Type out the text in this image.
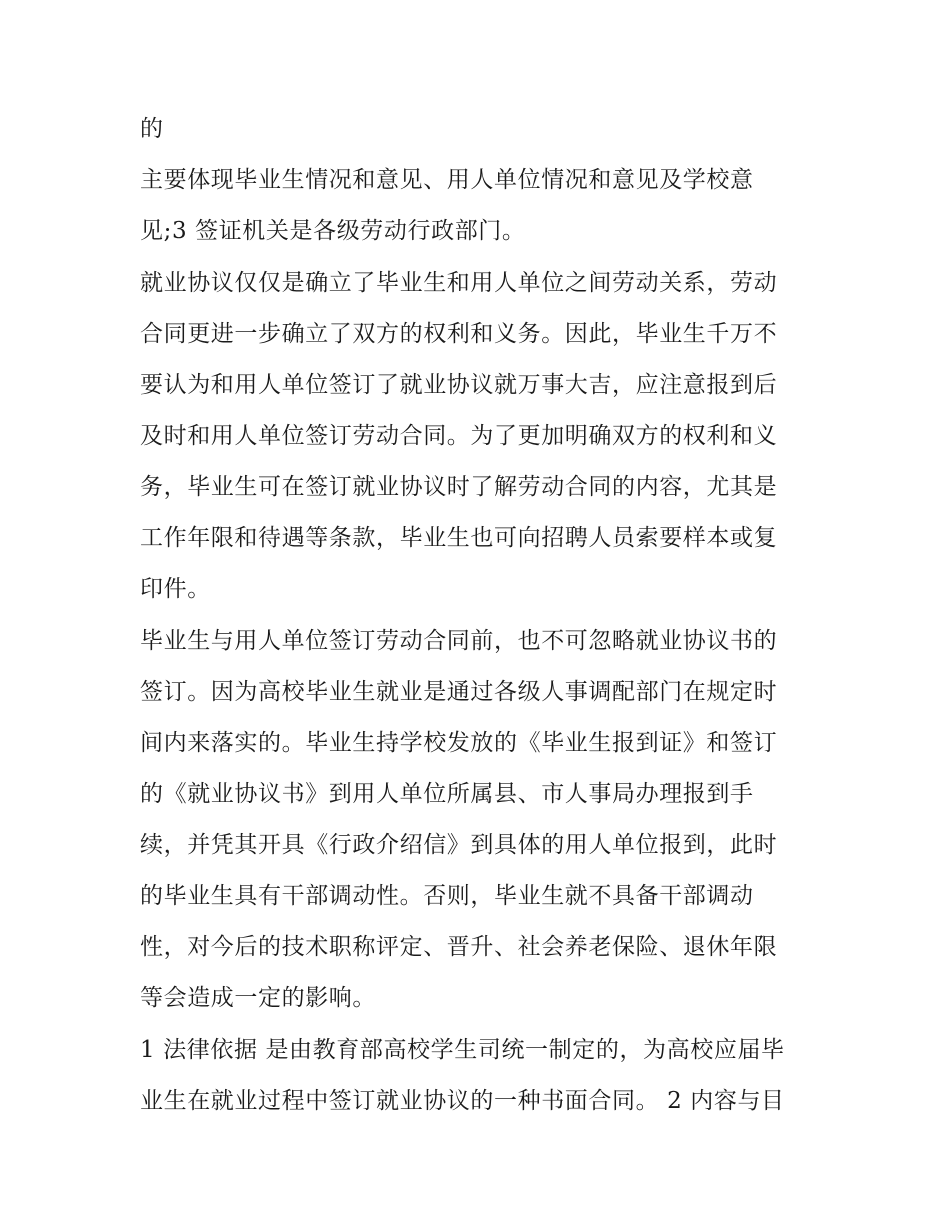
的
主要体现毕业生情况和意见、用人单位情况和意见及学校意
见;3 签证机关是各级劳动行政部门。
就业协议仅仅是确立了毕业生和用人单位之间劳动关系，劳动
合同更进一步确立了双方的权利和义务。因此，毕业生千万不
要认为和用人单位签订了就业协议就万事大吉，应注意报到后
及时和用人单位签订劳动合同。为了更加明确双方的权利和义
务，毕业生可在签订就业协议时了解劳动合同的内容，尤其是
工作年限和待遇等条款，毕业生也可向招聘人员索要样本或复
印件。
毕业生与用人单位签订劳动合同前，也不可忽略就业协议书的
签订。因为高校毕业生就业是通过各级人事调配部门在规定时
间内来落实的。毕业生持学校发放的《毕业生报到证》和签订
的《就业协议书》到用人单位所属县、市人事局办理报到手
续，并凭其开具《行政介绍信》到具体的用人单位报到，此时
的毕业生具有干部调动性。否则，毕业生就不具备干部调动
性，对今后的技术职称评定、晋升、社会养老保险、退休年限
等会造成一定的影响。
1 法律依据 是由教育部高校学生司统一制定的，为高校应届毕
业生在就业过程中签订就业协议的一种书面合同。 2 内容与目
